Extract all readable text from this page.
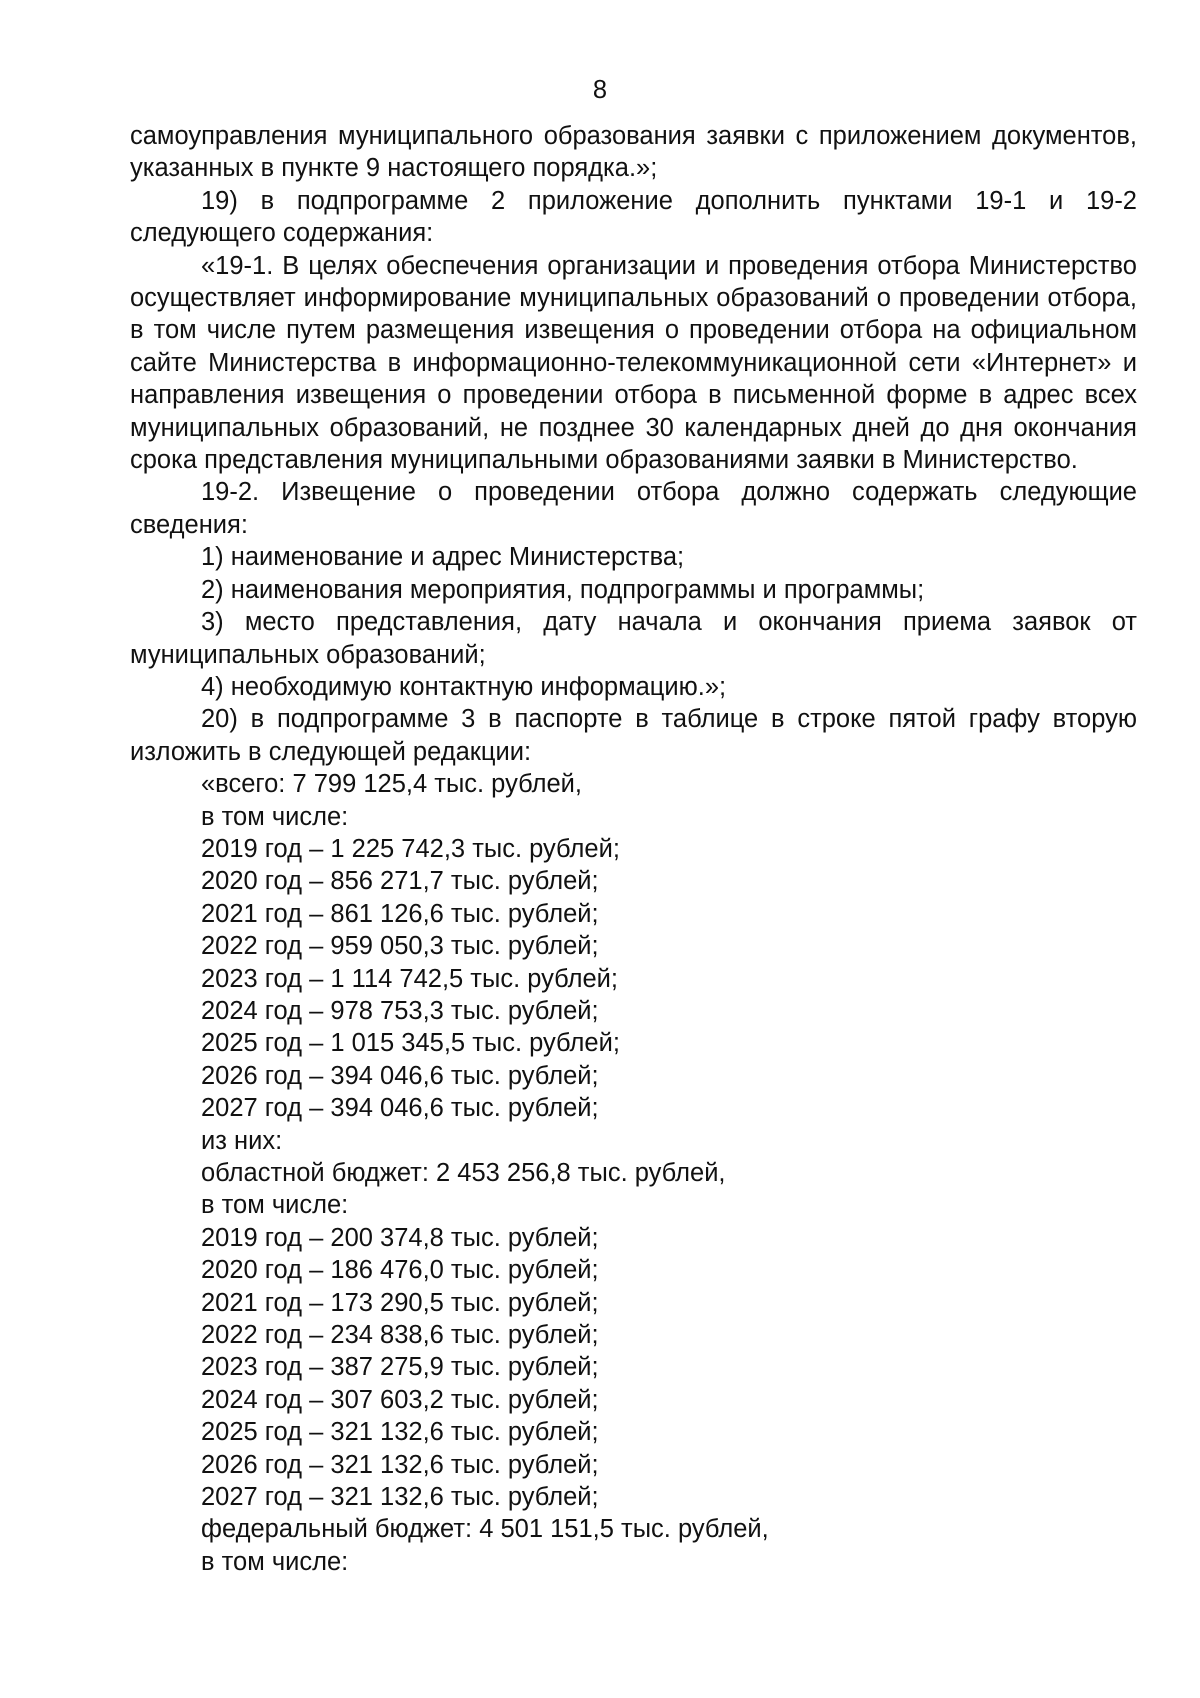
8

самоуправления муниципального образования заявки с приложением документов, указанных в пункте 9 настоящего порядка.»;

19) в подпрограмме 2 приложение дополнить пунктами 19-1 и 19-2 следующего содержания:

«19-1. В целях обеспечения организации и проведения отбора Министерство осуществляет информирование муниципальных образований о проведении отбора, в том числе путем размещения извещения о проведении отбора на официальном сайте Министерства в информационно-телекоммуникационной сети «Интернет» и направления извещения о проведении отбора в письменной форме в адрес всех муниципальных образований, не позднее 30 календарных дней до дня окончания срока представления муниципальными образованиями заявки в Министерство.

19-2. Извещение о проведении отбора должно содержать следующие сведения:

1) наименование и адрес Министерства;

2) наименования мероприятия, подпрограммы и программы;

3) место представления, дату начала и окончания приема заявок от муниципальных образований;

4) необходимую контактную информацию.»;

20) в подпрограмме 3 в паспорте в таблице в строке пятой графу вторую изложить в следующей редакции:

«всего: 7 799 125,4 тыс. рублей,

в том числе:

2019 год – 1 225 742,3 тыс. рублей;

2020 год – 856 271,7 тыс. рублей;

2021 год – 861 126,6 тыс. рублей;

2022 год – 959 050,3 тыс. рублей;

2023 год – 1 114 742,5 тыс. рублей;

2024 год – 978 753,3 тыс. рублей;

2025 год – 1 015 345,5 тыс. рублей;

2026 год – 394 046,6 тыс. рублей;

2027 год – 394 046,6 тыс. рублей;

из них:

областной бюджет: 2 453 256,8 тыс. рублей,

в том числе:

2019 год – 200 374,8 тыс. рублей;

2020 год – 186 476,0 тыс. рублей;

2021 год – 173 290,5 тыс. рублей;

2022 год – 234 838,6 тыс. рублей;

2023 год – 387 275,9 тыс. рублей;

2024 год – 307 603,2 тыс. рублей;

2025 год – 321 132,6 тыс. рублей;

2026 год – 321 132,6 тыс. рублей;

2027 год – 321 132,6 тыс. рублей;

федеральный бюджет: 4 501 151,5 тыс. рублей,

в том числе:
